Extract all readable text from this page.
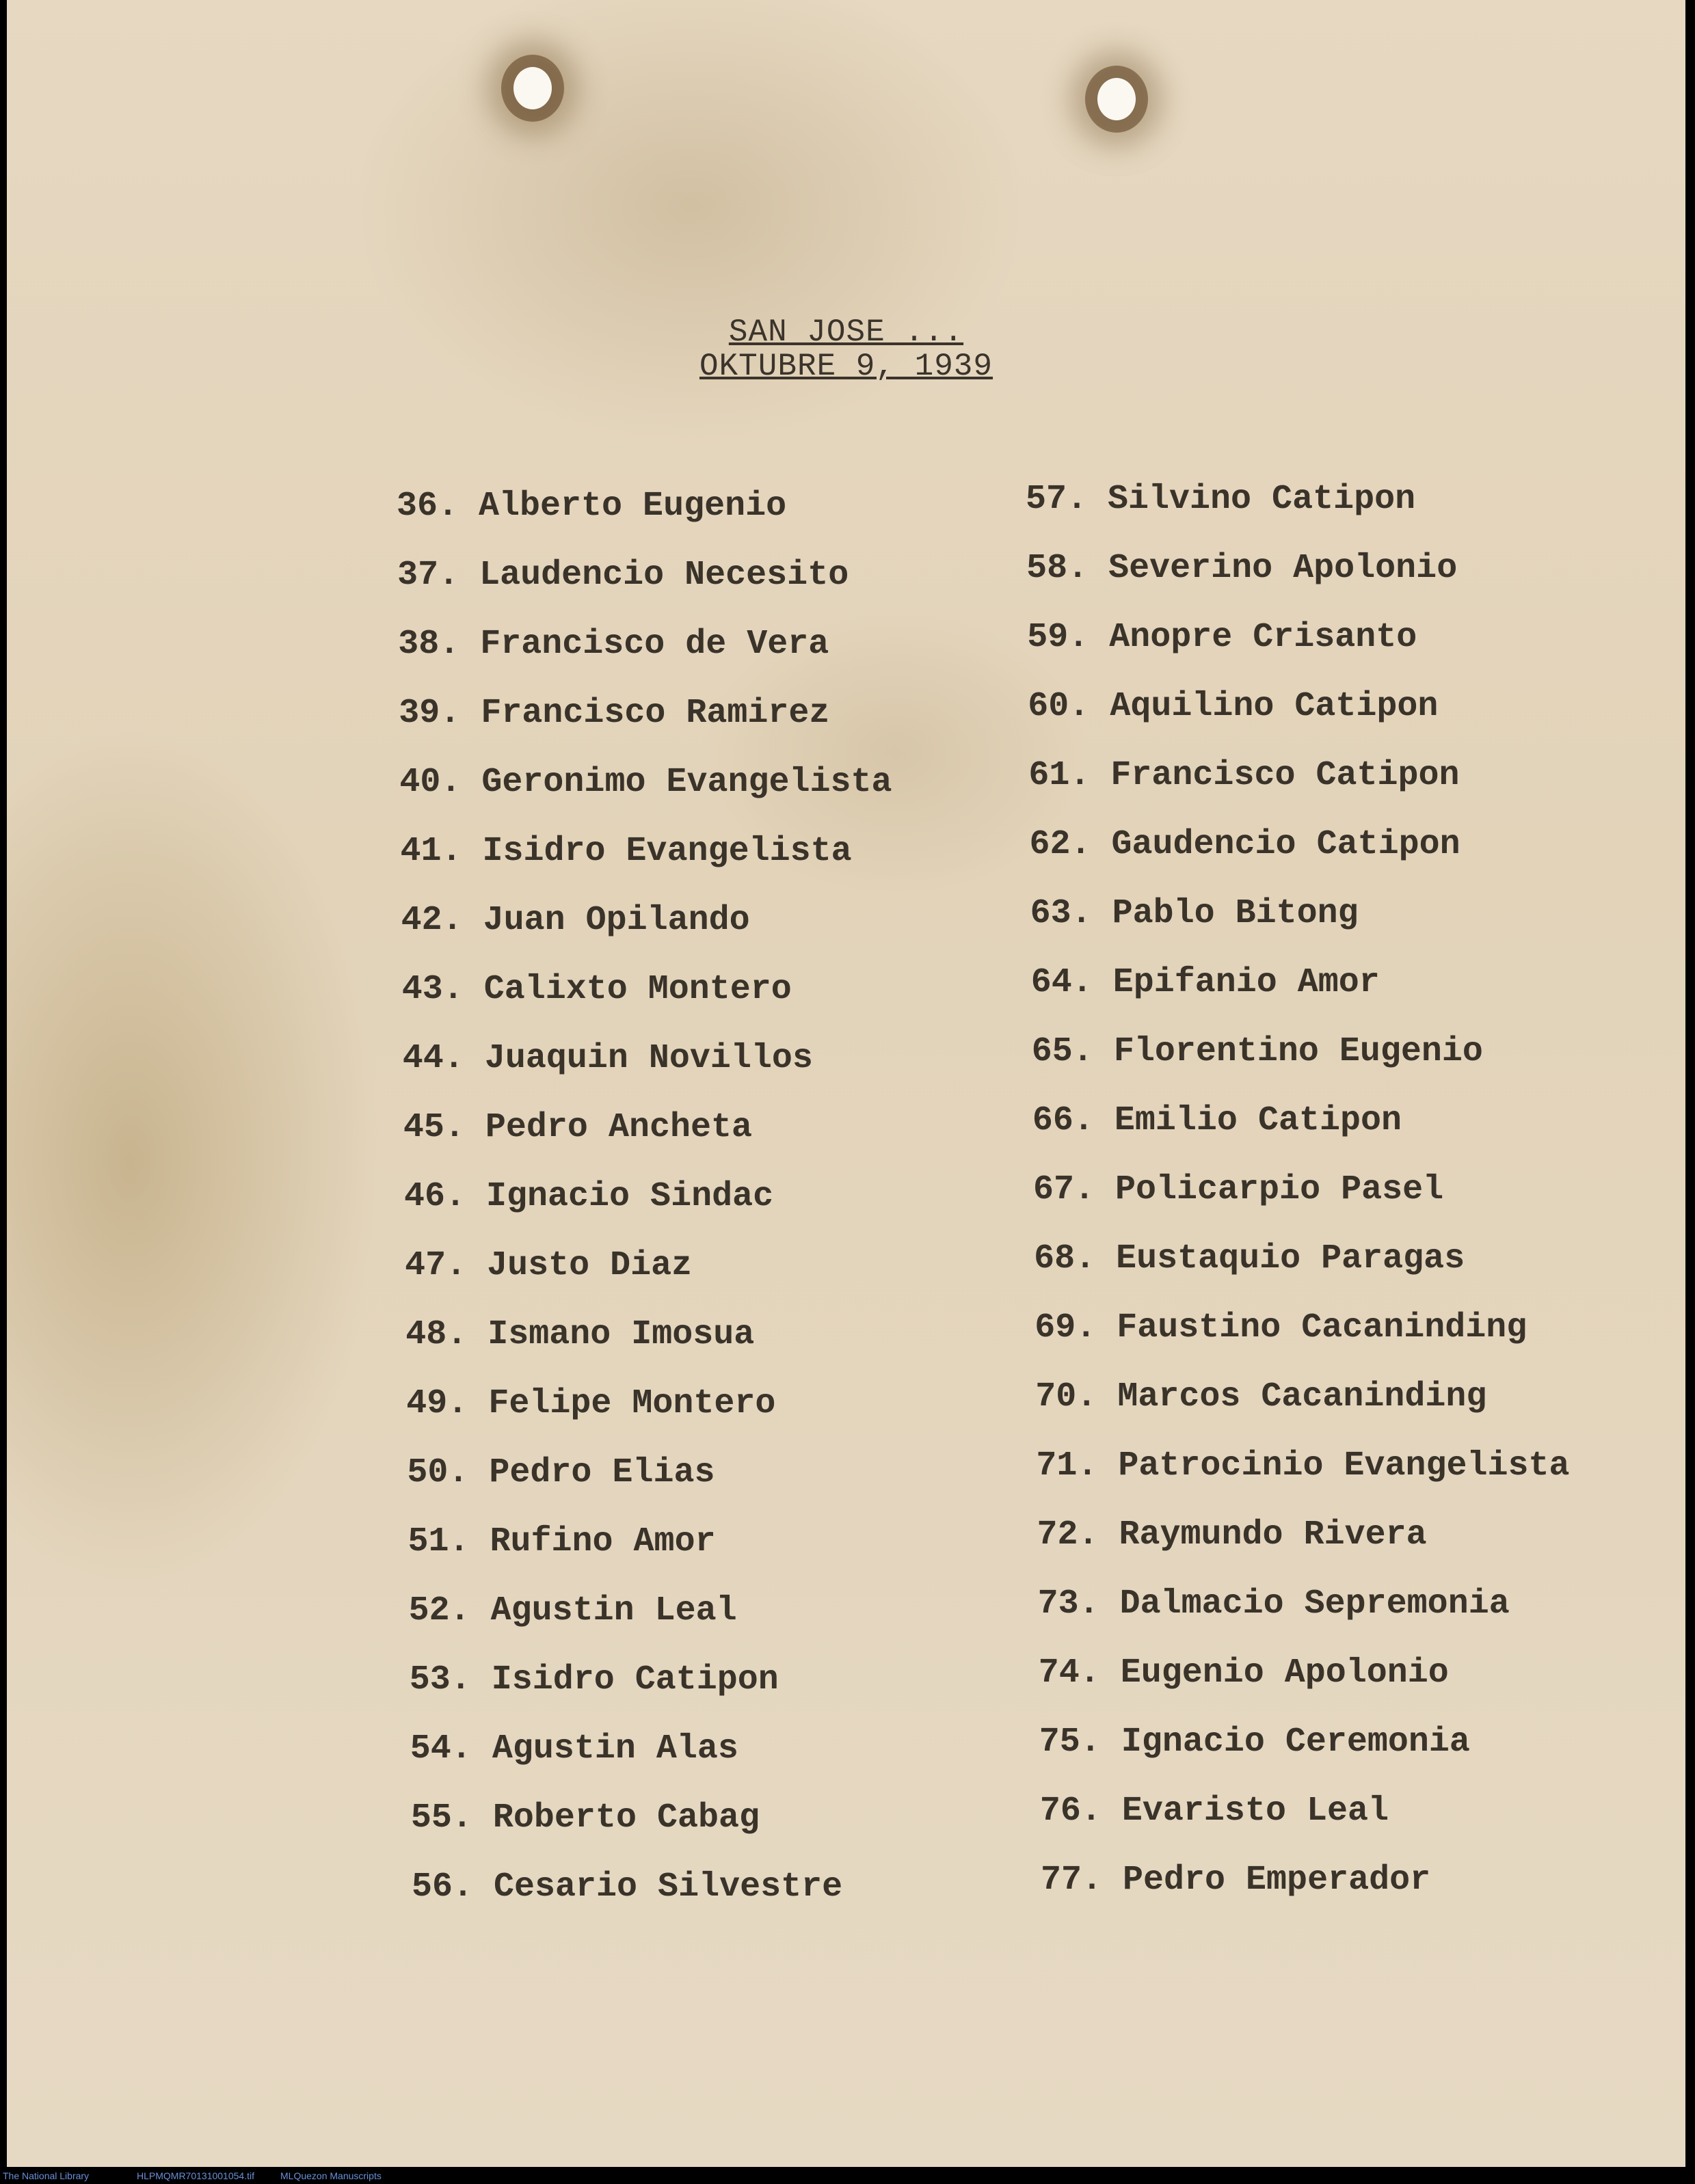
SAN JOSE ...
OKTUBRE 9, 1939
36. Alberto Eugenio
37. Laudencio Necesito
38. Francisco de Vera
39. Francisco Ramirez
40. Geronimo Evangelista
41. Isidro Evangelista
42. Juan Opilando
43. Calixto Montero
44. Juaquin Novillos
45. Pedro Ancheta
46. Ignacio Sindac
47. Justo Diaz
48. Ismano Imosua
49. Felipe Montero
50. Pedro Elias
51. Rufino Amor
52. Agustin Leal
53. Isidro Catipon
54. Agustin Alas
55. Roberto Cabag
56. Cesario Silvestre
57. Silvino Catipon
58. Severino Apolonio
59. Anopre Crisanto
60. Aquilino Catipon
61. Francisco Catipon
62. Gaudencio Catipon
63. Pablo Bitong
64. Epifanio Amor
65. Florentino Eugenio
66. Emilio Catipon
67. Policarpio Pasel
68. Eustaquio Paragas
69. Faustino Cacaninding
70. Marcos Cacaninding
71. Patrocinio Evangelista
72. Raymundo Rivera
73. Dalmacio Sepremonia
74. Eugenio Apolonio
75. Ignacio Ceremonia
76. Evaristo Leal
77. Pedro Emperador
The National Library	HLPMQMR70131001054.tif	MLQuezon Manuscripts
